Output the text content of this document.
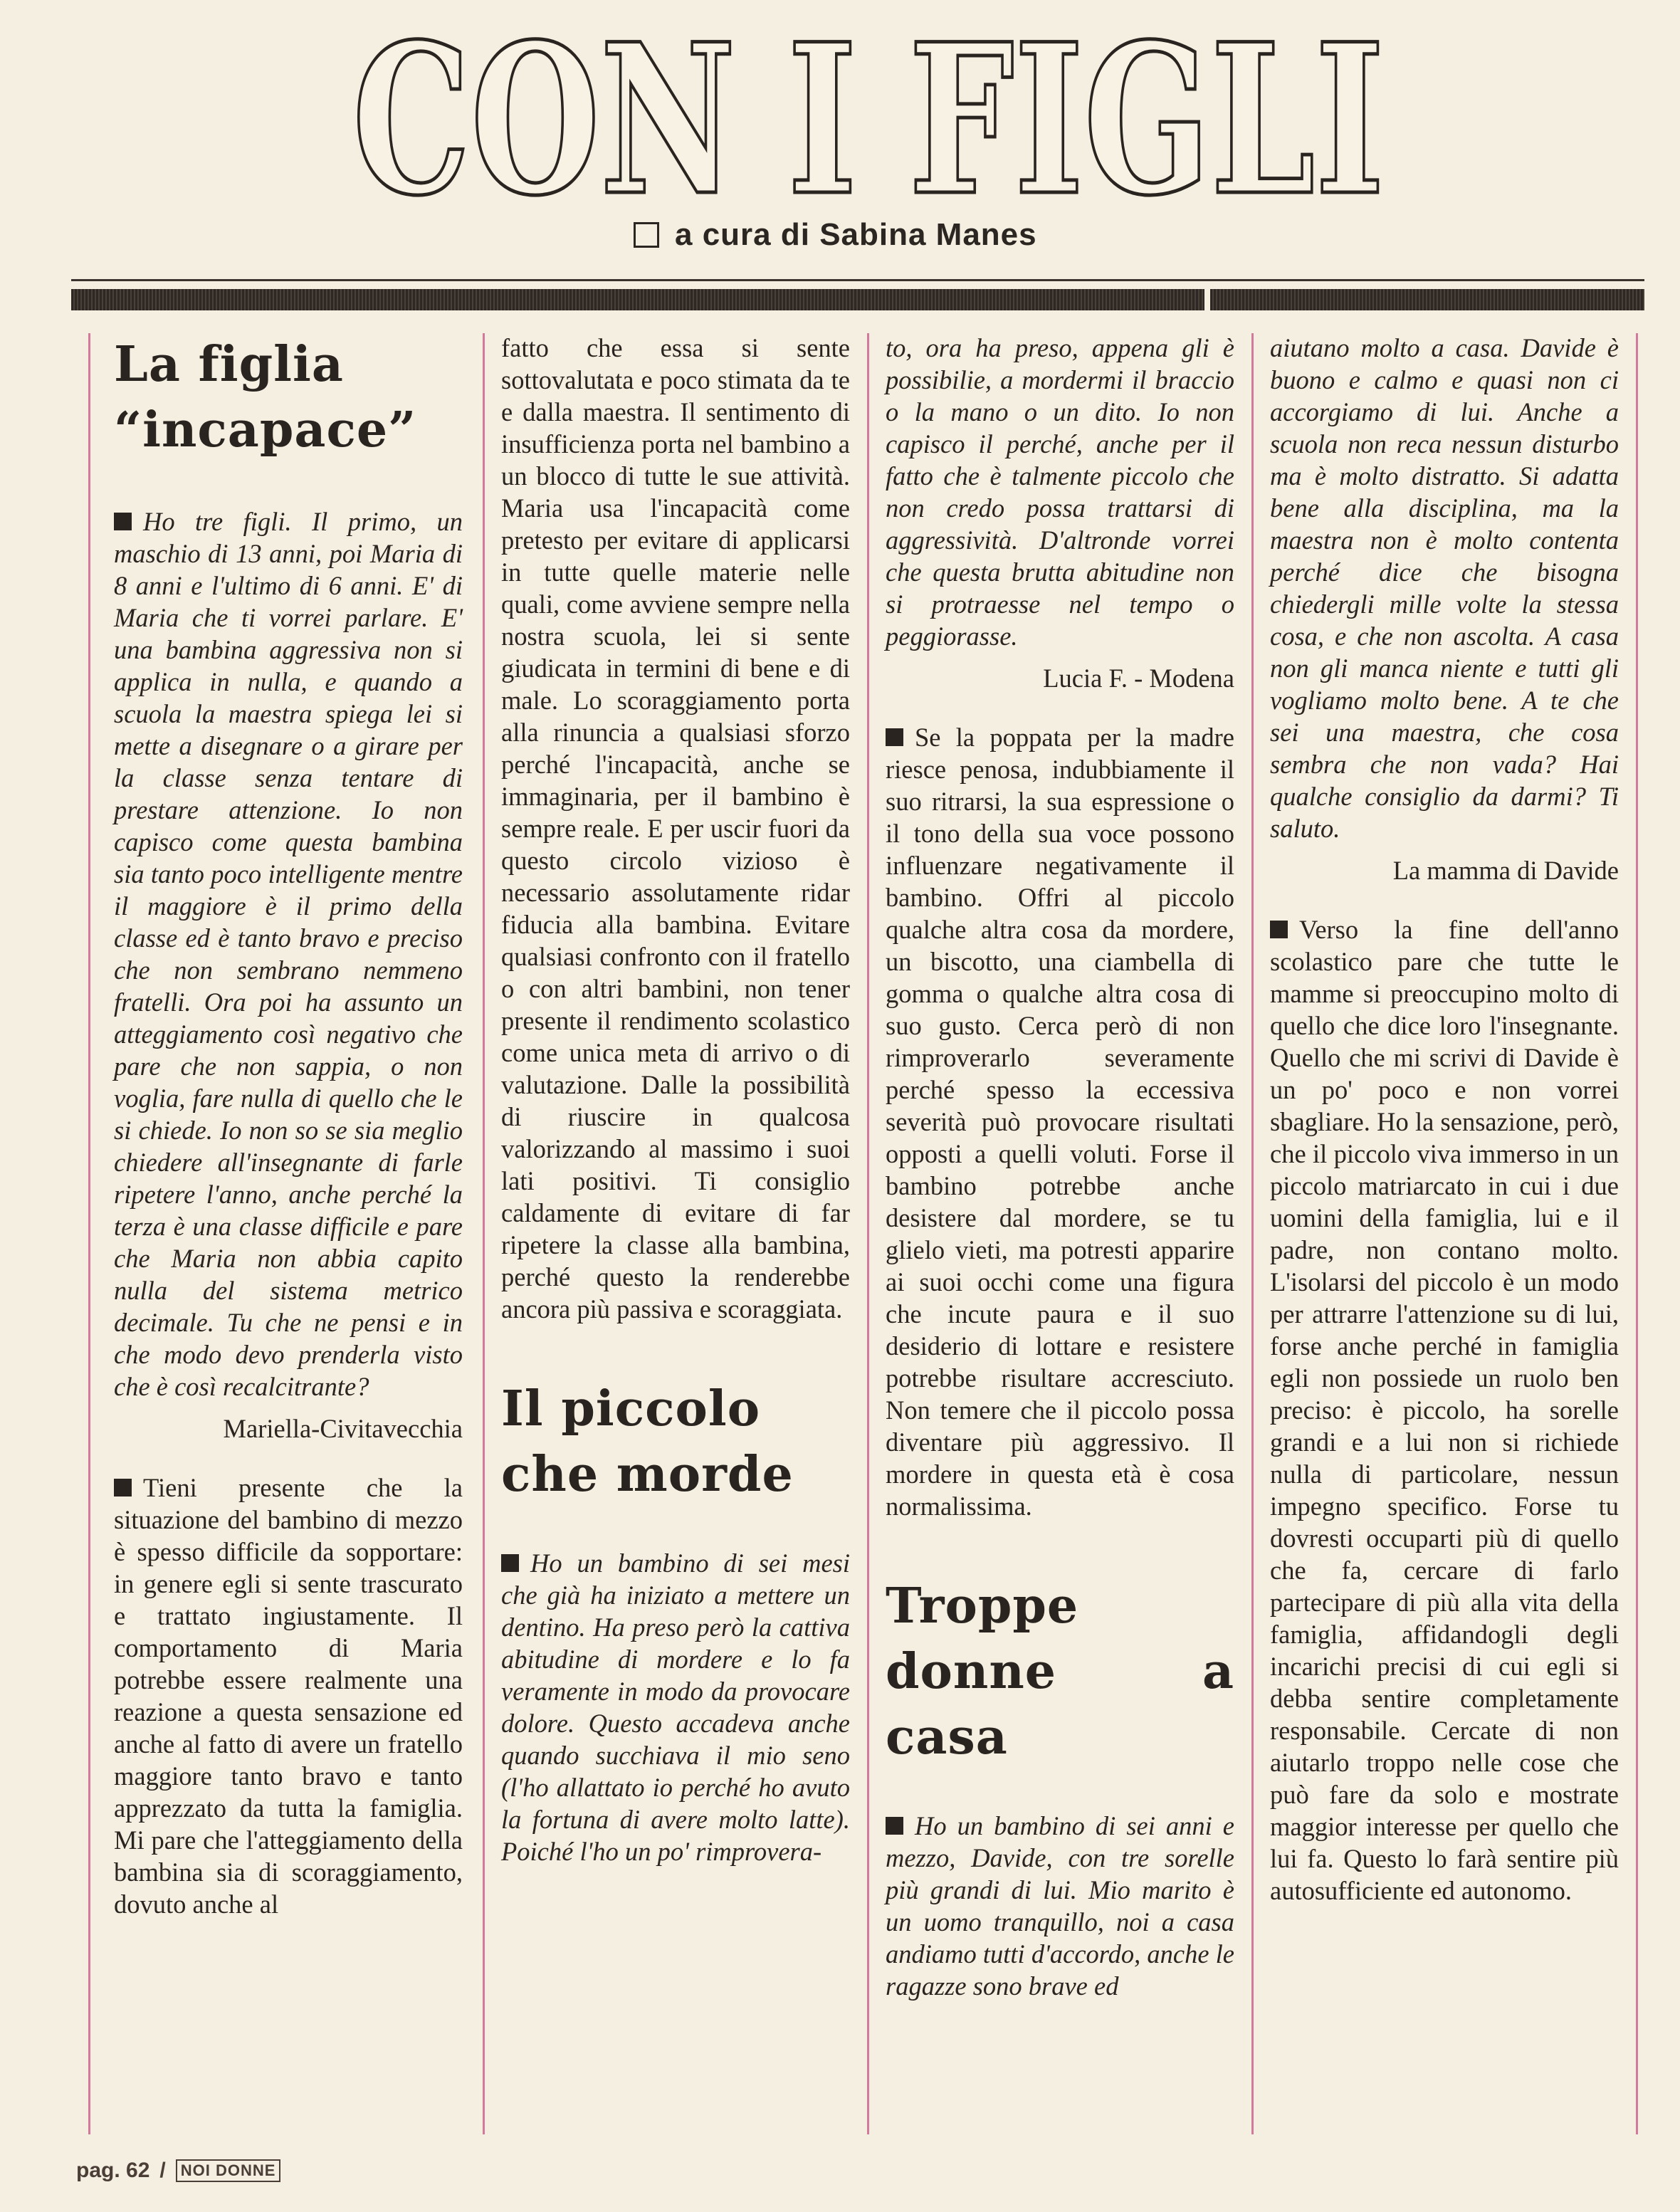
CON I FIGLI
a cura di Sabina Manes
La figlia
“incapace”

Ho tre figli. Il primo, un maschio di 13 anni, poi Maria di 8 anni e l'ultimo di 6 anni. E' di Maria che ti vorrei parlare. E' una bambina aggressiva non si applica in nulla, e quando a scuola la maestra spiega lei si mette a disegnare o a girare per la classe senza tentare di prestare attenzione. Io non capisco come questa bambina sia tanto poco intelligente mentre il maggiore è il primo della classe ed è tanto bravo e preciso che non sembrano nemmeno fratelli. Ora poi ha assunto un atteggiamento così negativo che pare che non sappia, o non voglia, fare nulla di quello che le si chiede. Io non so se sia meglio chiedere all'insegnante di farle ripetere l'anno, anche perché la terza è una classe difficile e pare che Maria non abbia capito nulla del sistema metrico decimale. Tu che ne pensi e in che modo devo prenderla visto che è così recalcitrante?

Mariella-Civitavecchia

Tieni presente che la situazione del bambino di mezzo è spesso difficile da sopportare: in genere egli si sente trascurato e trattato ingiustamente. Il comportamento di Maria potrebbe essere realmente una reazione a questa sensazione ed anche al fatto di avere un fratello maggiore tanto bravo e tanto apprezzato da tutta la famiglia. Mi pare che l'atteggiamento della bambina sia di scoraggiamento, dovuto anche al

fatto che essa si sente sottovalutata e poco stimata da te e dalla maestra. Il sentimento di insufficienza porta nel bambino a un blocco di tutte le sue attività. Maria usa l'incapacità come pretesto per evitare di applicarsi in tutte quelle materie nelle quali, come avviene sempre nella nostra scuola, lei si sente giudicata in termini di bene e di male. Lo scoraggiamento porta alla rinuncia a qualsiasi sforzo perché l'incapacità, anche se immaginaria, per il bambino è sempre reale. E per uscir fuori da questo circolo vizioso è necessario assolutamente ridar fiducia alla bambina. Evitare qualsiasi confronto con il fratello o con altri bambini, non tener presente il rendimento scolastico come unica meta di arrivo o di valutazione. Dalle la possibilità di riuscire in qualcosa valorizzando al massimo i suoi lati positivi. Ti consiglio caldamente di evitare di far ripetere la classe alla bambina, perché questo la renderebbe ancora più passiva e scoraggiata.

Il piccolo
che morde

Ho un bambino di sei mesi che già ha iniziato a mettere un dentino. Ha preso però la cattiva abitudine di mordere e lo fa veramente in modo da provocare dolore. Questo accadeva anche quando succhiava il mio seno (l'ho allattato io perché ho avuto la fortuna di avere molto latte). Poiché l'ho un po' rimprovera-

to, ora ha preso, appena gli è possibilie, a mordermi il braccio o la mano o un dito. Io non capisco il perché, anche per il fatto che è talmente piccolo che non credo possa trattarsi di aggressività. D'altronde vorrei che questa brutta abitudine non si protraesse nel tempo o peggiorasse.

Lucia F. - Modena

Se la poppata per la madre riesce penosa, indubbiamente il suo ritrarsi, la sua espressione o il tono della sua voce possono influenzare negativamente il bambino. Offri al piccolo qualche altra cosa da mordere, un biscotto, una ciambella di gomma o qualche altra cosa di suo gusto. Cerca però di non rimproverarlo severamente perché spesso la eccessiva severità può provocare risultati opposti a quelli voluti. Forse il bambino potrebbe anche desistere dal mordere, se tu glielo vieti, ma potresti apparire ai suoi occhi come una figura che incute paura e il suo desiderio di lottare e resistere potrebbe risultare accresciuto. Non temere che il piccolo possa diventare più aggressivo. Il mordere in questa età è cosa normalissima.

Troppe
donne a casa

Ho un bambino di sei anni e mezzo, Davide, con tre sorelle più grandi di lui. Mio marito è un uomo tranquillo, noi a casa andiamo tutti d'accordo, anche le ragazze sono brave ed

aiutano molto a casa. Davide è buono e calmo e quasi non ci accorgiamo di lui. Anche a scuola non reca nessun disturbo ma è molto distratto. Si adatta bene alla disciplina, ma la maestra non è molto contenta perché dice che bisogna chiedergli mille volte la stessa cosa, e che non ascolta. A casa non gli manca niente e tutti gli vogliamo molto bene. A te che sei una maestra, che cosa sembra che non vada? Hai qualche consiglio da darmi? Ti saluto.

La mamma di Davide

Verso la fine dell'anno scolastico pare che tutte le mamme si preoccupino molto di quello che dice loro l'insegnante. Quello che mi scrivi di Davide è un po' poco e non vorrei sbagliare. Ho la sensazione, però, che il piccolo viva immerso in un piccolo matriarcato in cui i due uomini della famiglia, lui e il padre, non contano molto. L'isolarsi del piccolo è un modo per attrarre l'attenzione su di lui, forse anche perché in famiglia egli non possiede un ruolo ben preciso: è piccolo, ha sorelle grandi e a lui non si richiede nulla di particolare, nessun impegno specifico. Forse tu dovresti occuparti più di quello che fa, cercare di farlo partecipare di più alla vita della famiglia, affidandogli degli incarichi precisi di cui egli si debba sentire completamente responsabile. Cercate di non aiutarlo troppo nelle cose che può fare da solo e mostrate maggior interesse per quello che lui fa. Questo lo farà sentire più autosufficiente ed autonomo.

pag. 62 / NOI DONNE
